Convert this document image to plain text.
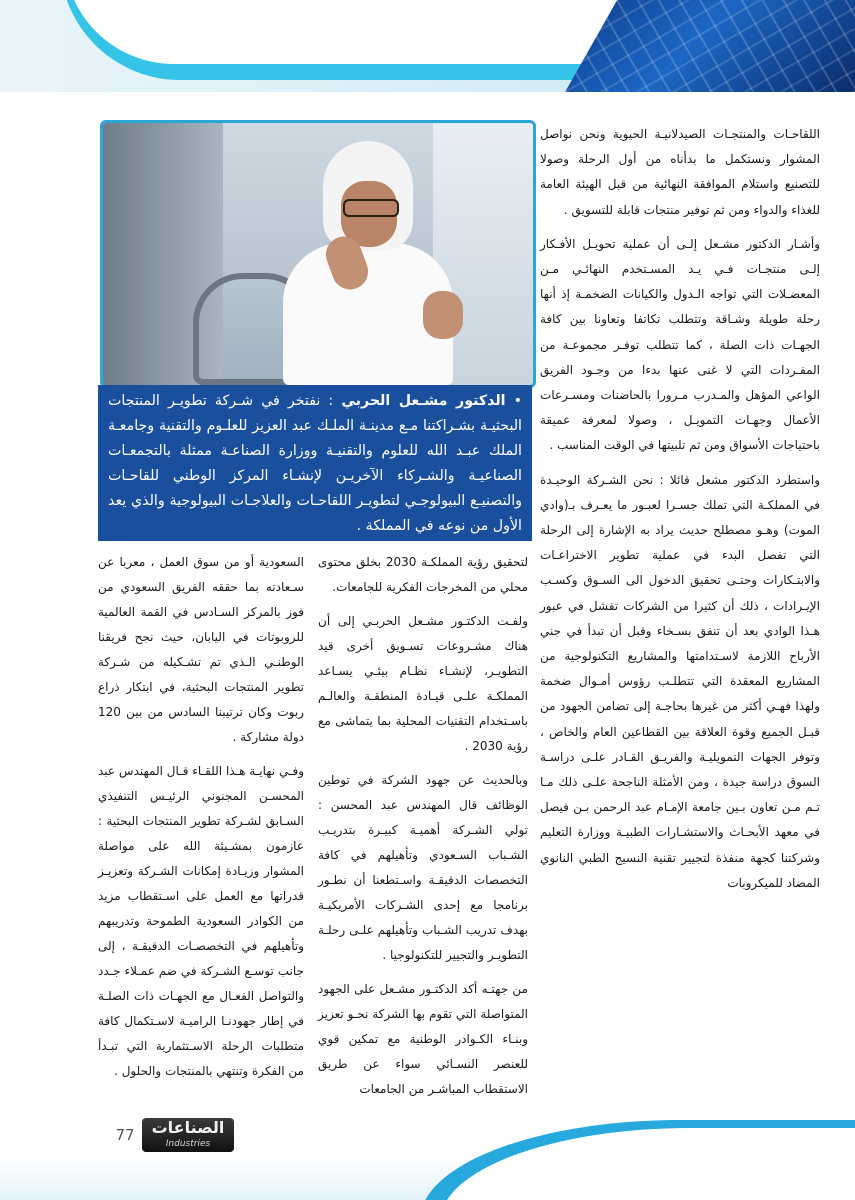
اللقاحـات والمنتجـات الصيدلانيـة الحيوية ونحن نواصل المشوار ونستكمل ما بدأناه من أول الرحلة وصولا للتصنيع واستلام الموافقة النهائية من قبل الهيئة العامة للغذاء والدواء ومن ثم توفير منتجات قابلة للتسويق .

وأشـار الدكتور مشـعل إلـى أن عملية تحويـل الأفـكار إلـى منتجـات فـي يـد المسـتخدم النهائـي مـن المعضـلات التي تواجه الـدول والكيانات الضخمـة إذ أنها رحلة طويلة وشـاقة وتتطلب تكاتفا وتعاونا بين كافة الجهـات ذات الصلة ، كما تتطلب توفـر مجموعـة من المفـردات التي لا غنى عنها بدءا من وجـود الفريق الواعي المؤهل والمـدرب مـرورا بالحاضنات ومسـرعات الأعمال وجهـات التمويـل ، وصولا لمعرفة عميقة باحتياجات الأسواق ومن ثم تلبيتها في الوقت المناسب .

واستطرد الدكتور مشعل قائلا : نحن الشـركة الوحيـدة في المملكـة التي تملك جسـرا لعبـور ما يعـرف بـ(وادي الموت) وهـو مصطلح حديث يراد به الإشارة إلى الرحلة التي تفصل البدء في عملية تطوير الاختراعـات والابتـكارات وحتـى تحقيق الدخول الى السـوق وكسـب الإيـرادات ، ذلك أن كثيرا من الشركات تفشل في عبور هـذا الوادي بعد أن تنفق بسـخاء وقبل أن تبدأ في جني الأرباح اللازمة لاسـتدامتها والمشاريع التكنولوجية من المشاريع المعقدة التي تتطلـب رؤوس أمـوال ضخمة ولهذا فهـي أكثر من غيرها بحاجـة إلى تضامن الجهود من قبـل الجميع وقوة العلاقة بين القطاعين العام والخاص ، وتوفر الجهات التمويليـة والفريـق القـادر علـى دراسـة السوق دراسة جيدة ، ومن الأمثلة الناجحة علـى ذلك مـا تـم مـن تعاون بـين جامعة الإمـام عبد الرحمن بـن فيصل في معهد الأبحـاث والاستشـارات الطبيـة ووزارة التعليم وشركتنا كجهة منفذة لتجيير تقنية النسيج الطبي النانوي المضاد للميكروبات

• الدكتور مشـعل الحربي : نفتخر في شـركة تطويـر المنتجات البحثيـة بشـراكتنا مـع مدينـة الملـك عبد العزيز للعلـوم والتقنية وجامعـة الملك عبـد الله للعلوم والتقنيـة ووزارة الصناعـة ممثلة بالتجمعـات الصناعيـة والشـركاء الآخريـن لإنشـاء المركز الوطني للقاحـات والتصنيـع البيولوجـي لتطويـر اللقاحـات والعلاجـات البيولوجية والذي يعد الأول من نوعه في المملكة .

لتحقيق رؤية المملكـة 2030 بخلق محتوى محلي من المخرجات الفكرية للجامعات.

ولفـت الدكتـور مشـعل الحربـي إلى أن هناك مشـروعات تسـويق أخرى قيد التطويـر، لإنشـاء نظـام بيئـي يسـاعد المملكـة علـى قيـادة المنطقـة والعالـم باسـتخدام التقنيات المحلية بما يتماشى مع رؤية 2030 .

وبالحديث عن جهود الشركة في توطين الوظائف قال المهندس عبد المحسن : تولي الشـركة أهميـة كبيـرة بتدريـب الشـباب السـعودي وتأهيلهم في كافة التخصصات الدقيقـة واسـتطعنا أن نطـور برنامجا مع إحدى الشـركات الأمريكيـة بهدف تدريب الشـباب وتأهيلهم علـى رحلـة التطويـر والتجيير للتكنولوجيا .

من جهتـه أكد الدكتـور مشـعل على الجهود المتواصلة التي تقوم بها الشركة نحـو تعزيز وبنـاء الكـوادر الوطنية مع تمكين قوي للعنصر النسـائي سواء عن طريق الاستقطاب المباشـر من الجامعات

السعودية أو من سوق العمل ، معربا عن سـعادته بما حققه الفريق السعودي من فوز بالمركز السـادس في القمة العالمية للروبوتات في اليابان، حيث نجح فريقنا الوطنـي الـذي تم تشـكيله من شـركة تطوير المنتجات البحثية، في ابتكار ذراع ربوت وكان ترتيبنا السادس من بين 120 دولة مشاركة .

وفـي نهايـة هـذا اللقـاء قـال المهندس عبد المحسـن المجنوني الرئيـس التنفيذي السـابق لشـركة تطوير المنتجات البحثية : عازمون بمشـيئة الله على مواصلة المشوار وزيـادة إمكانات الشـركة وتعزيـز قدراتها مع العمل على اسـتقطاب مزيد من الكوادر السعودية الطموحة وتدريبهم وتأهيلهم في التخصصـات الدقيقـة ، إلى جانب توسـع الشـركة في ضم عمـلاء جـدد والتواصل الفعـال مع الجهـات ذات الصلـة في إطار جهودنـا الراميـة لاسـتكمال كافة متطلبات الرحلة الاسـتثمارية التي تبـدأ من الفكرة وتنتهي بالمنتجات والحلول .

77	الصناعات
Industries
